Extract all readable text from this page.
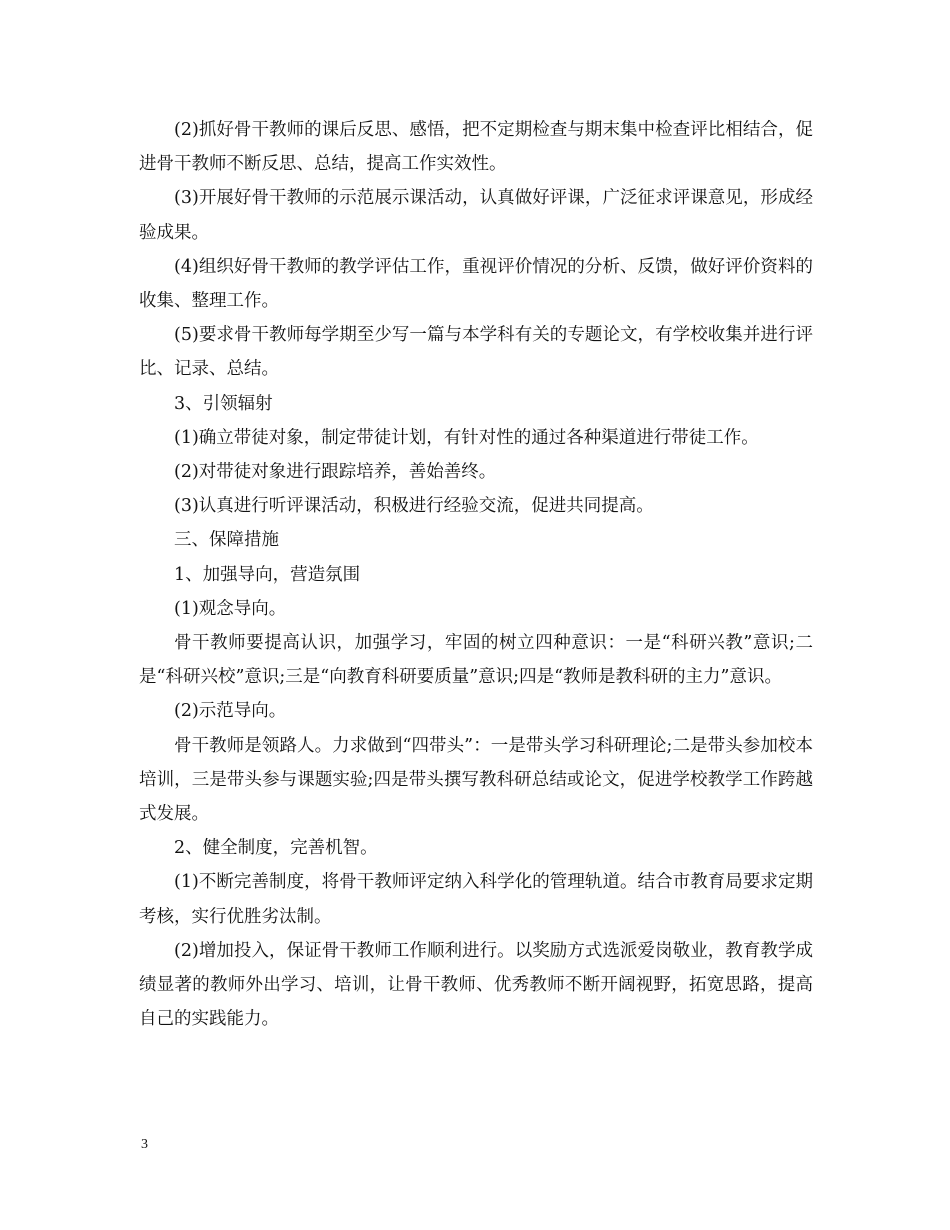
(2)抓好骨干教师的课后反思、感悟，把不定期检查与期末集中检查评比相结合，促进骨干教师不断反思、总结，提高工作实效性。

(3)开展好骨干教师的示范展示课活动，认真做好评课，广泛征求评课意见，形成经验成果。

(4)组织好骨干教师的教学评估工作，重视评价情况的分析、反馈，做好评价资料的收集、整理工作。

(5)要求骨干教师每学期至少写一篇与本学科有关的专题论文，有学校收集并进行评比、记录、总结。

3、引领辐射

(1)确立带徒对象，制定带徒计划，有针对性的通过各种渠道进行带徒工作。

(2)对带徒对象进行跟踪培养，善始善终。

(3)认真进行听评课活动，积极进行经验交流，促进共同提高。

三、保障措施

1、加强导向，营造氛围

(1)观念导向。

骨干教师要提高认识，加强学习，牢固的树立四种意识：一是“科研兴教”意识;二是“科研兴校”意识;三是“向教育科研要质量”意识;四是“教师是教科研的主力”意识。

(2)示范导向。

骨干教师是领路人。力求做到“四带头”：一是带头学习科研理论;二是带头参加校本培训，三是带头参与课题实验;四是带头撰写教科研总结或论文，促进学校教学工作跨越式发展。

2、健全制度，完善机智。

(1)不断完善制度，将骨干教师评定纳入科学化的管理轨道。结合市教育局要求定期考核，实行优胜劣汰制。

(2)增加投入，保证骨干教师工作顺利进行。以奖励方式选派爱岗敬业，教育教学成绩显著的教师外出学习、培训，让骨干教师、优秀教师不断开阔视野，拓宽思路，提高自己的实践能力。

3
